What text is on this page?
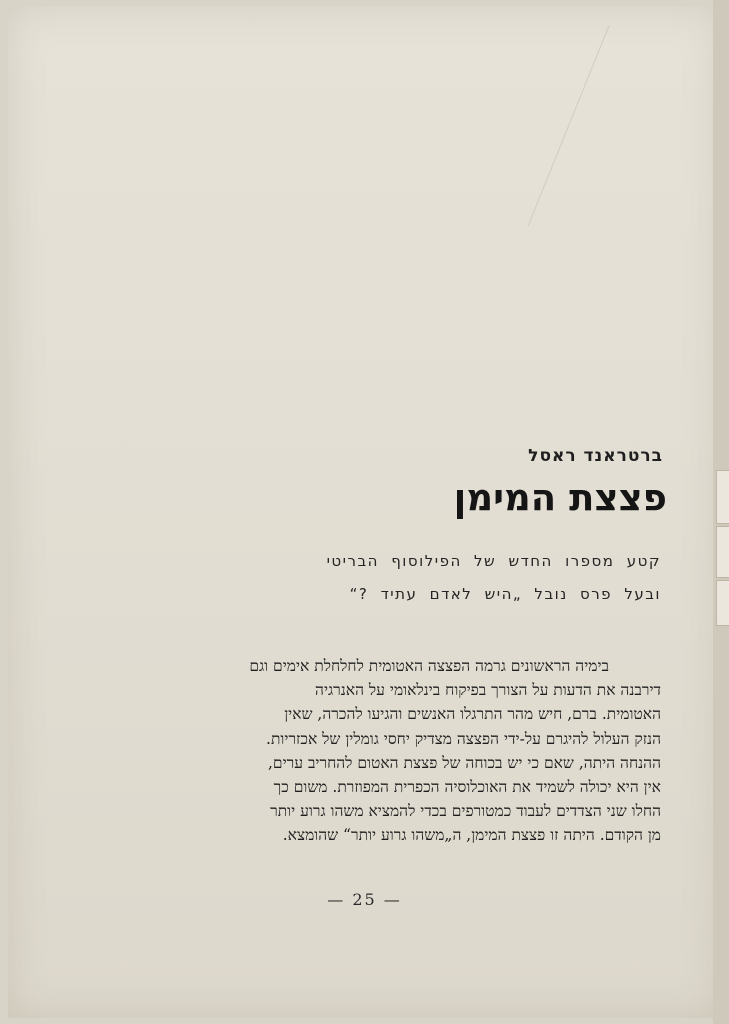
ברטראנד ראסל
פצצת המימן
קטע מספרו החדש של הפילוסוף הבריטי
ובעל פרס נובל „היש לאדם עתיד ?“
בימיה הראשונים גרמה הפצצה האטומית לחלחלת אימים וגם
דירבנה את הדעות על הצורך בפיקוח בינלאומי על האנרגיה
האטומית. ברם, חיש מהר התרגלו האנשים והגיעו להכרה, שאין
הנזק העלול להיגרם על-ידי הפצצה מצדיק יחסי גומלין של אכזריות.
ההנחה היתה, שאם כי יש בכוחה של פצצת האטום להחריב ערים,
אין היא יכולה לשמיד את האוכלוסיה הכפרית המפוזרת. משום כך
החלו שני הצדדים לעבוד כמטורפים בכדי להמציא משהו גרוע יותר
מן הקודם. היתה זו פצצת המימן, ה„משהו גרוע יותר“ שהומצא.
— 25 —
